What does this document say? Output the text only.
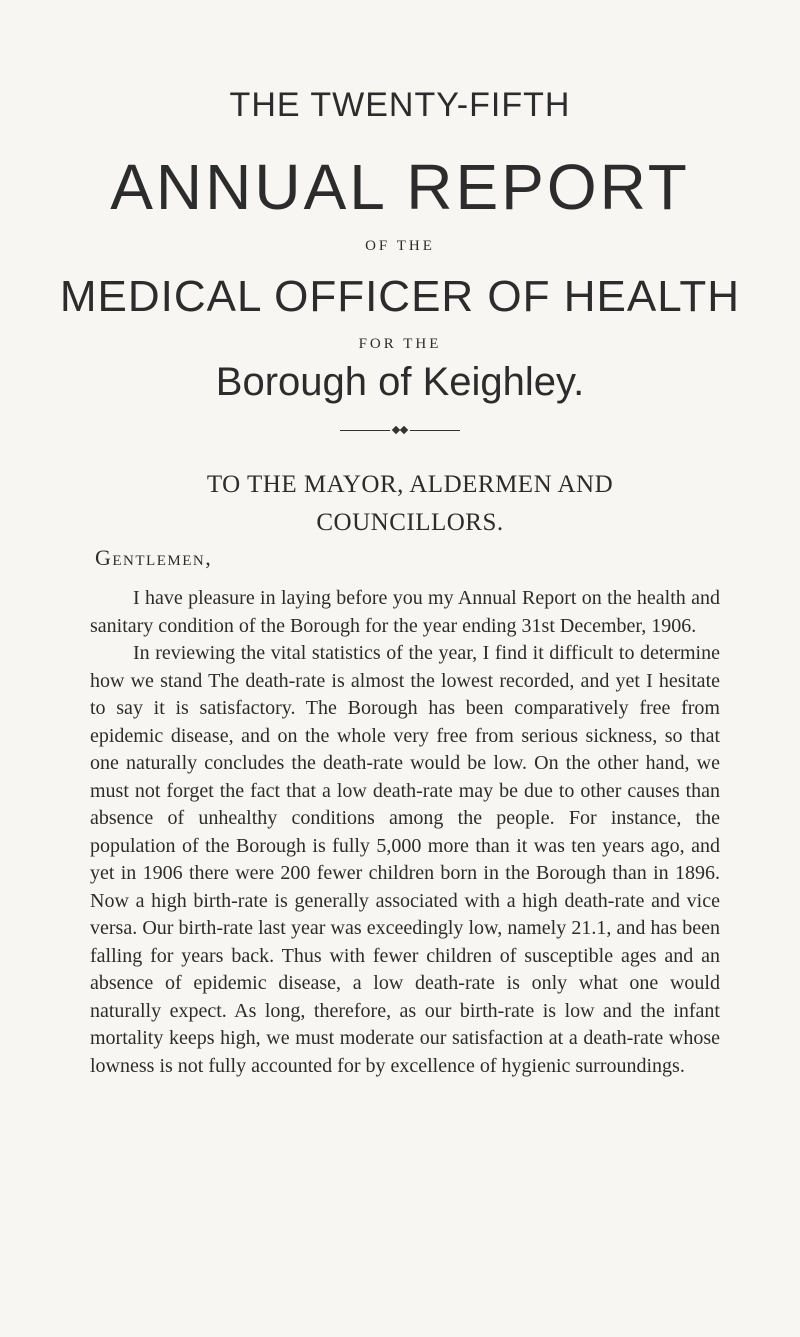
THE TWENTY-FIFTH
ANNUAL REPORT
OF THE
MEDICAL OFFICER OF HEALTH
FOR THE
Borough of Keighley.
TO THE MAYOR, ALDERMEN AND
COUNCILLORS.
Gentlemen,

I have pleasure in laying before you my Annual Report on the health and sanitary condition of the Borough for the year ending 31st December, 1906.

In reviewing the vital statistics of the year, I find it difficult to determine how we stand The death-rate is almost the lowest recorded, and yet I hesitate to say it is satisfactory. The Borough has been comparatively free from epidemic disease, and on the whole very free from serious sickness, so that one naturally concludes the death-rate would be low. On the other hand, we must not forget the fact that a low death-rate may be due to other causes than absence of unhealthy conditions among the people. For instance, the population of the Borough is fully 5,000 more than it was ten years ago, and yet in 1906 there were 200 fewer children born in the Borough than in 1896. Now a high birth-rate is generally associated with a high death-rate and vice versa. Our birth-rate last year was exceedingly low, namely 21.1, and has been falling for years back. Thus with fewer children of susceptible ages and an absence of epidemic disease, a low death-rate is only what one would naturally expect. As long, therefore, as our birth-rate is low and the infant mortality keeps high, we must moderate our satisfaction at a death-rate whose lowness is not fully accounted for by excellence of hygienic surroundings.
